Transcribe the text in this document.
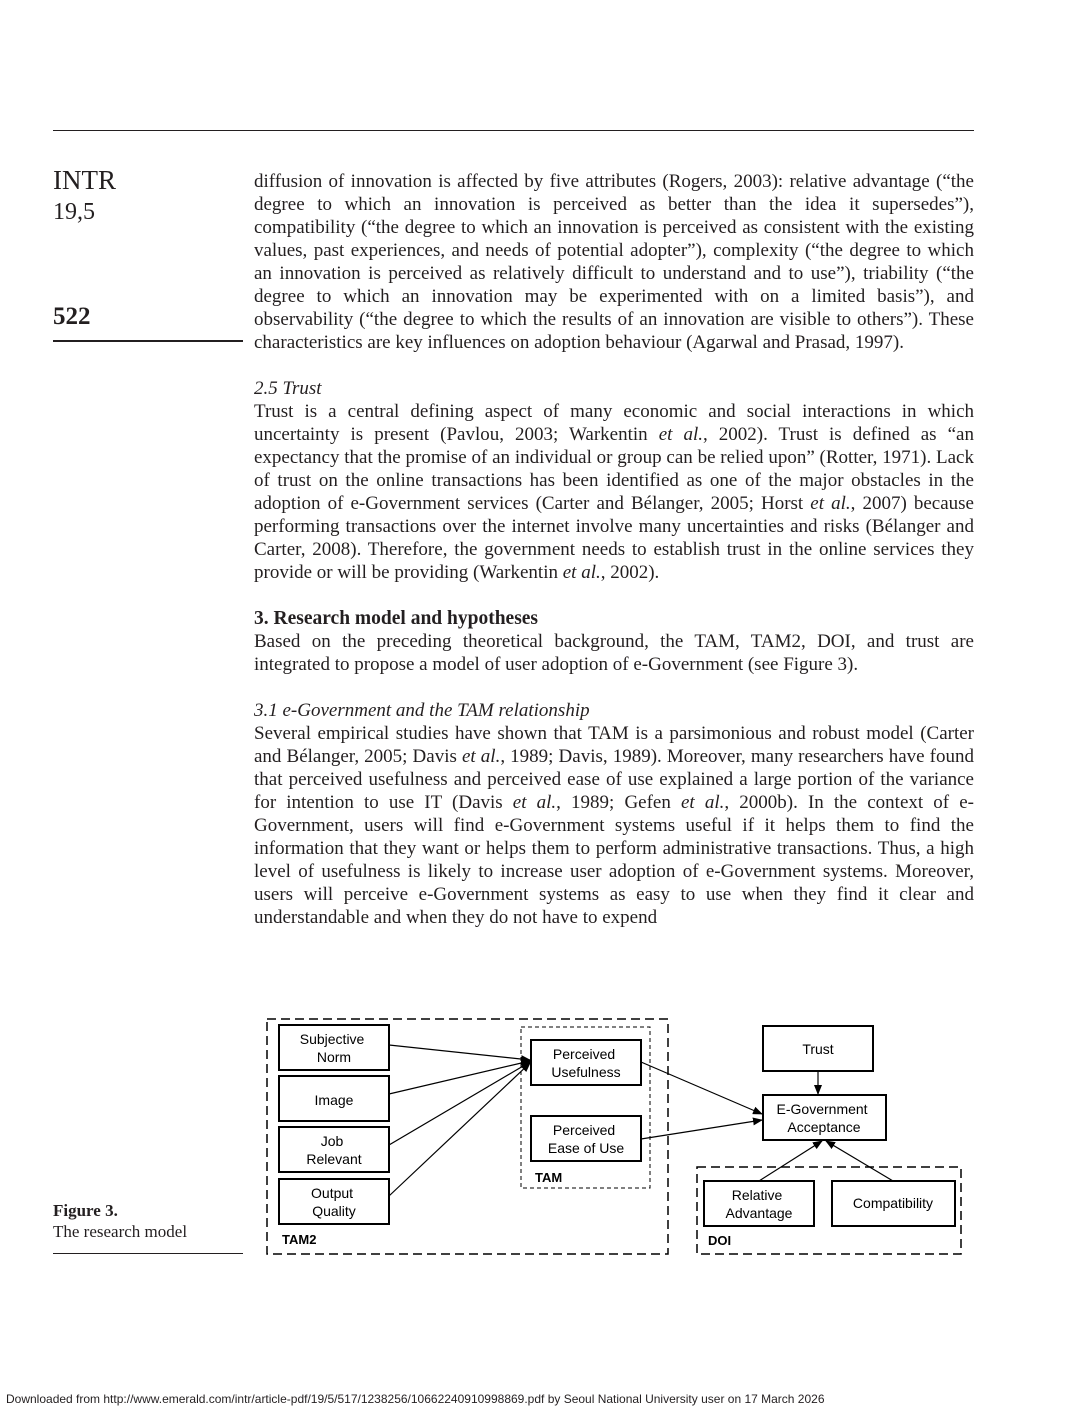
INTR
19,5
522

diffusion of innovation is affected by five attributes (Rogers, 2003): relative advantage (“the degree to which an innovation is perceived as better than the idea it supersedes”), compatibility (“the degree to which an innovation is perceived as consistent with the existing values, past experiences, and needs of potential adopter”), complexity (“the degree to which an innovation is perceived as relatively difficult to understand and to use”), triability (“the degree to which an innovation may be experimented with on a limited basis”), and observability (“the degree to which the results of an innovation are visible to others”). These characteristics are key influences on adoption behaviour (Agarwal and Prasad, 1997).

2.5 Trust

Trust is a central defining aspect of many economic and social interactions in which uncertainty is present (Pavlou, 2003; Warkentin et al., 2002). Trust is defined as “an expectancy that the promise of an individual or group can be relied upon” (Rotter, 1971). Lack of trust on the online transactions has been identified as one of the major obstacles in the adoption of e-Government services (Carter and Bélanger, 2005; Horst et al., 2007) because performing transactions over the internet involve many uncertainties and risks (Bélanger and Carter, 2008). Therefore, the government needs to establish trust in the online services they provide or will be providing (Warkentin et al., 2002).

3. Research model and hypotheses

Based on the preceding theoretical background, the TAM, TAM2, DOI, and trust are integrated to propose a model of user adoption of e-Government (see Figure 3).

3.1 e-Government and the TAM relationship

Several empirical studies have shown that TAM is a parsimonious and robust model (Carter and Bélanger, 2005; Davis et al., 1989; Davis, 1989). Moreover, many researchers have found that perceived usefulness and perceived ease of use explained a large portion of the variance for intention to use IT (Davis et al., 1989; Gefen et al., 2000b). In the context of e-Government, users will find e-Government systems useful if it helps them to find the information that they want or helps them to perform administrative transactions. Thus, a high level of usefulness is likely to increase user adoption of e-Government systems. Moreover, users will perceive e-Government systems as easy to use when they find it clear and understandable and when they do not have to expend

Subjective Norm
Image
Job Relevant
Output Quality
Perceived Usefulness
Perceived Ease of Use
Trust
E-Government Acceptance
Relative Advantage
Compatibility
TAM
TAM2	DOI
Figure 3.
The research model
Downloaded from http://www.emerald.com/intr/article-pdf/19/5/517/1238256/10662240910998869.pdf by Seoul National University user on 17 March 2026
